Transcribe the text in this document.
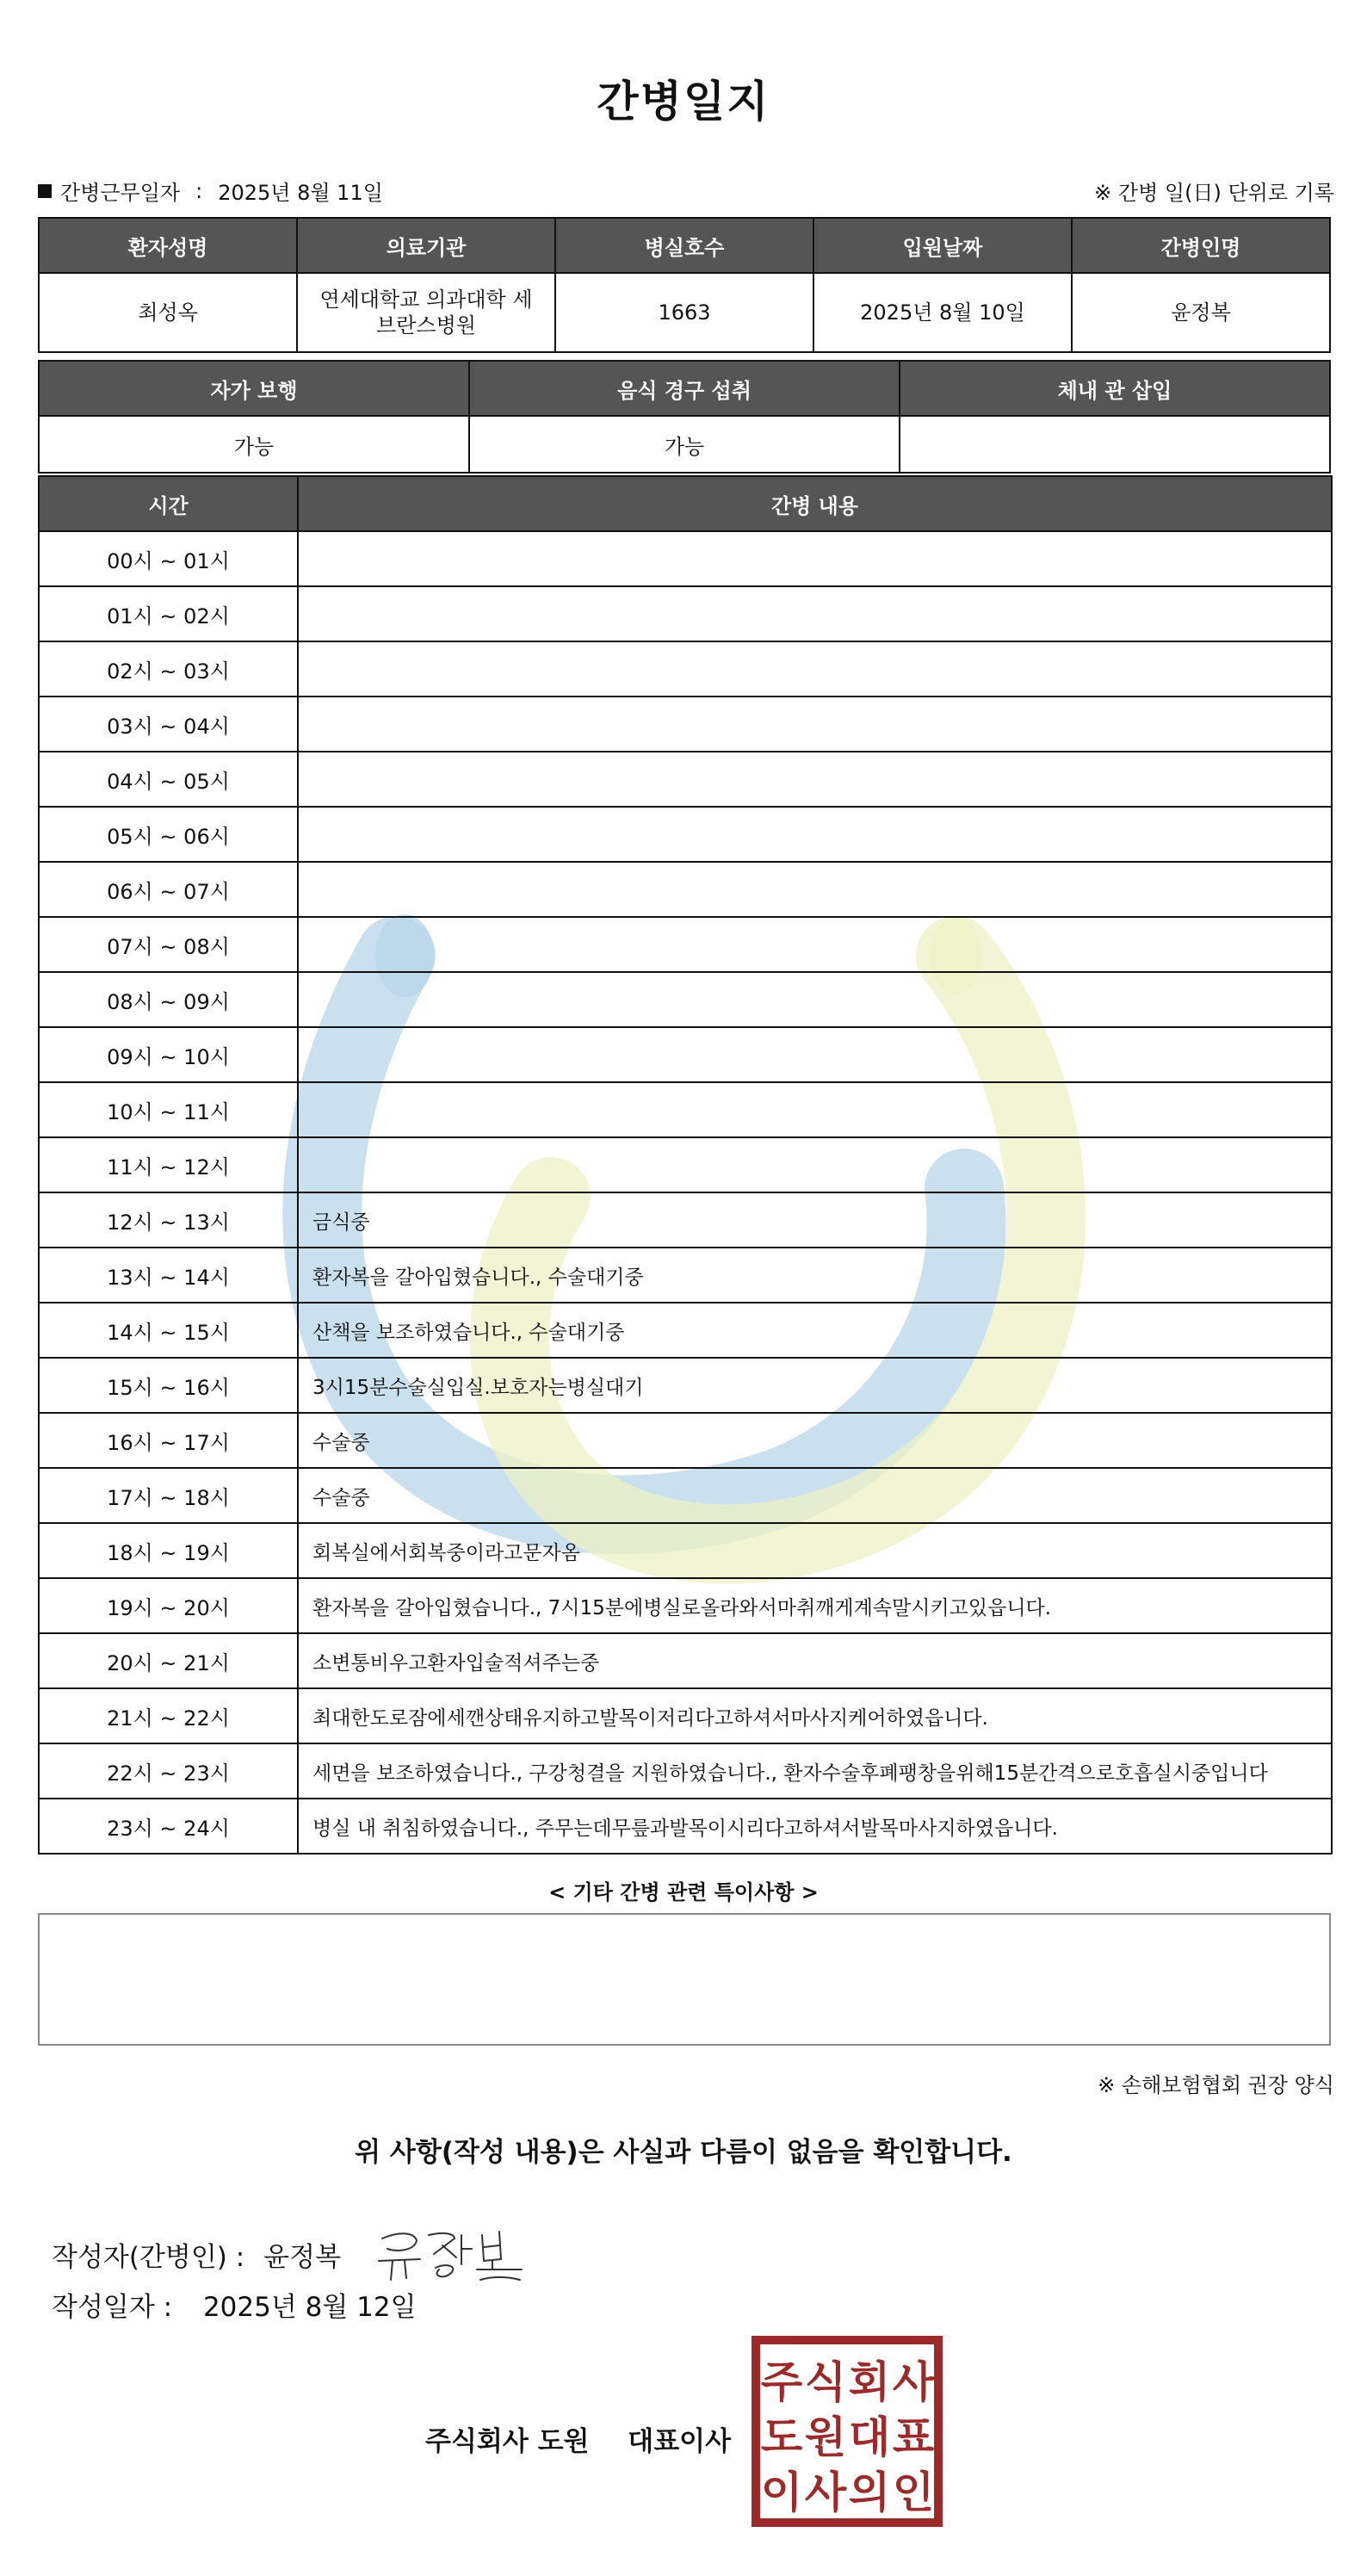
간병일지
간병근무일자 : 2025년 8월 11일	※ 간병 일(日) 단위로 기록
환자성명	의료기관	병실호수	입원날짜	간병인명
최성옥	연세대학교 의과대학 세브란스병원	1663	2025년 8월 10일	윤정복
자가 보행	음식 경구 섭취	체내 관 삽입
가능	가능	
시간	간병 내용
00시 ~ 01시	
01시 ~ 02시	
02시 ~ 03시	
03시 ~ 04시	
04시 ~ 05시	
05시 ~ 06시	
06시 ~ 07시	
07시 ~ 08시	
08시 ~ 09시	
09시 ~ 10시	
10시 ~ 11시	
11시 ~ 12시	
12시 ~ 13시	금식중
13시 ~ 14시	환자복을 갈아입혔습니다., 수술대기중
14시 ~ 15시	산책을 보조하였습니다., 수술대기중
15시 ~ 16시	3시15분수술실입실.보호자는병실대기
16시 ~ 17시	수술중
17시 ~ 18시	수술중
18시 ~ 19시	회복실에서회복중이라고문자옴
19시 ~ 20시	환자복을 갈아입혔습니다., 7시15분에병실로올라와서마취깨게계속말시키고있읍니다.
20시 ~ 21시	소변통비우고환자입술적셔주는중
21시 ~ 22시	최대한도로잠에세깬상태유지하고발목이저리다고하셔서마사지케어하였읍니다.
22시 ~ 23시	세면을 보조하였습니다., 구강청결을 지원하였습니다., 환자수술후폐팽창을위해15분간격으로호흡실시중입니다
23시 ~ 24시	병실 내 취침하였습니다., 주무는데무릎과발목이시리다고하셔서발목마사지하였읍니다.
< 기타 간병 관련 특이사항 >
※ 손해보험협회 권장 양식
위 사항(작성 내용)은 사실과 다름이 없음을 확인합니다.
작성자(간병인) : 윤정복
작성일자 : 2025년 8월 12일
주식회사 도원 대표이사
주 식 회 사
도 원 대 표
이 사 의 인
